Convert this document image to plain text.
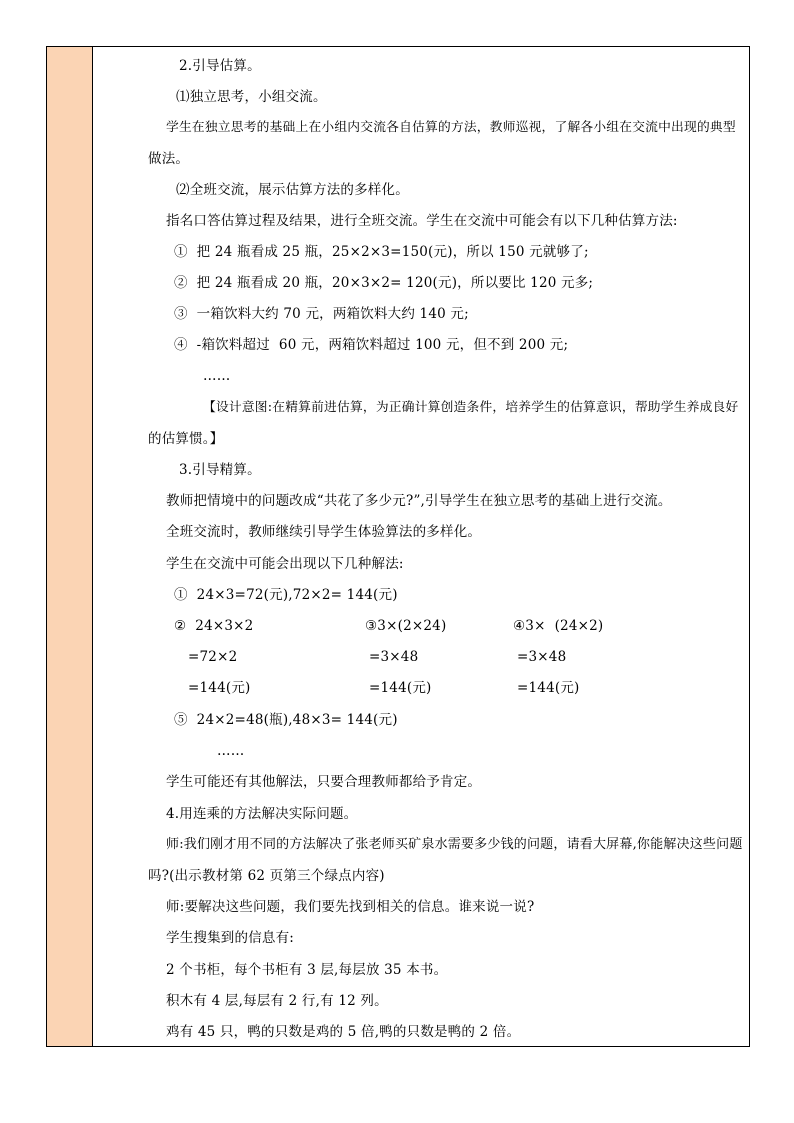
2.引导估算。
⑴独立思考，小组交流。
学生在独立思考的基础上在小组内交流各自估算的方法，教师巡视，了解各小组在交流中出现的典型
做法。
⑵全班交流，展示估算方法的多样化。
指名口答估算过程及结果，进行全班交流。学生在交流中可能会有以下几种估算方法:
①  把 24 瓶看成 25 瓶，25×2×3=150(元)，所以 150 元就够了;
②  把 24 瓶看成 20 瓶，20×3×2= 120(元)，所以要比 120 元多;
③  一箱饮料大约 70 元，两箱饮料大约 140 元;
④  -箱饮料超过  60 元，两箱饮料超过 100 元，但不到 200 元;
……
【设计意图:在精算前进估算，为正确计算创造条件，培养学生的估算意识，帮助学生养成良好
的估算惯。】
3.引导精算。
教师把情境中的问题改成“共花了多少元?”,引导学生在独立思考的基础上进行交流。
全班交流时，教师继续引导学生体验算法的多样化。
学生在交流中可能会出现以下几种解法:
①  24×3=72(元),72×2= 144(元)
②  24×3×2	③3×(2×24)	④3×  (24×2)
=72×2	=3×48	=3×48
=144(元)	=144(元)	=144(元)
⑤  24×2=48(瓶),48×3= 144(元)
……
学生可能还有其他解法，只要合理教师都给予肯定。
4.用连乘的方法解决实际问题。
师:我们刚才用不同的方法解决了张老师买矿泉水需要多少钱的问题，请看大屏幕,你能解决这些问题
吗?(出示教材第 62 页第三个绿点内容)
师:要解决这些问题，我们要先找到相关的信息。谁来说一说?
学生搜集到的信息有:
2 个书柜，每个书柜有 3 层,每层放 35 本书。
积木有 4 层,每层有 2 行,有 12 列。
鸡有 45 只，鸭的只数是鸡的 5 倍,鸭的只数是鸭的 2 倍。
